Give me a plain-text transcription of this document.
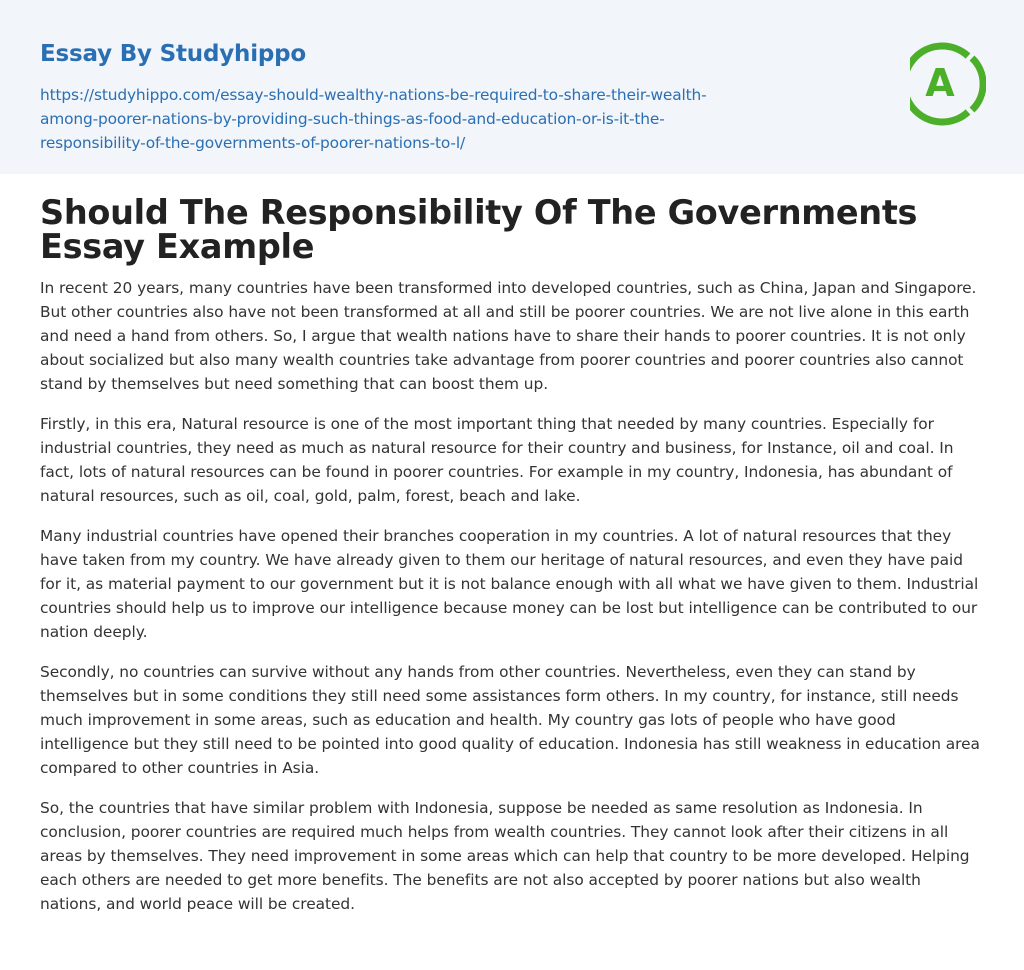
Essay By Studyhippo
https://studyhippo.com/essay-should-wealthy-nations-be-required-to-share-their-wealth-
among-poorer-nations-by-providing-such-things-as-food-and-education-or-is-it-the-
responsibility-of-the-governments-of-poorer-nations-to-l/
A
Should The Responsibility Of The Governments
Essay Example

In recent 20 years, many countries have been transformed into developed countries, such as China, Japan and Singapore. But other countries also have not been transformed at all and still be poorer countries. We are not live alone in this earth and need a hand from others. So, I argue that wealth nations have to share their hands to poorer countries. It is not only about socialized but also many wealth countries take advantage from poorer countries and poorer countries also cannot stand by themselves but need something that can boost them up.

Firstly, in this era, Natural resource is one of the most important thing that needed by many countries. Especially for industrial countries, they need as much as natural resource for their country and business, for Instance, oil and coal. In fact, lots of natural resources can be found in poorer countries. For example in my country, Indonesia, has abundant of natural resources, such as oil, coal, gold, palm, forest, beach and lake.

Many industrial countries have opened their branches cooperation in my countries. A lot of natural resources that they have taken from my country. We have already given to them our heritage of natural resources, and even they have paid for it, as material payment to our government but it is not balance enough with all what we have given to them. Industrial countries should help us to improve our intelligence because money can be lost but intelligence can be contributed to our nation deeply.

Secondly, no countries can survive without any hands from other countries. Nevertheless, even they can stand by themselves but in some conditions they still need some assistances form others. In my country, for instance, still needs much improvement in some areas, such as education and health. My country gas lots of people who have good intelligence but they still need to be pointed into good quality of education. Indonesia has still weakness in education area compared to other countries in Asia.

So, the countries that have similar problem with Indonesia, suppose be needed as same resolution as Indonesia. In conclusion, poorer countries are required much helps from wealth countries. They cannot look after their citizens in all areas by themselves. They need improvement in some areas which can help that country to be more developed. Helping each others are needed to get more benefits. The benefits are not also accepted by poorer nations but also wealth nations, and world peace will be created.
